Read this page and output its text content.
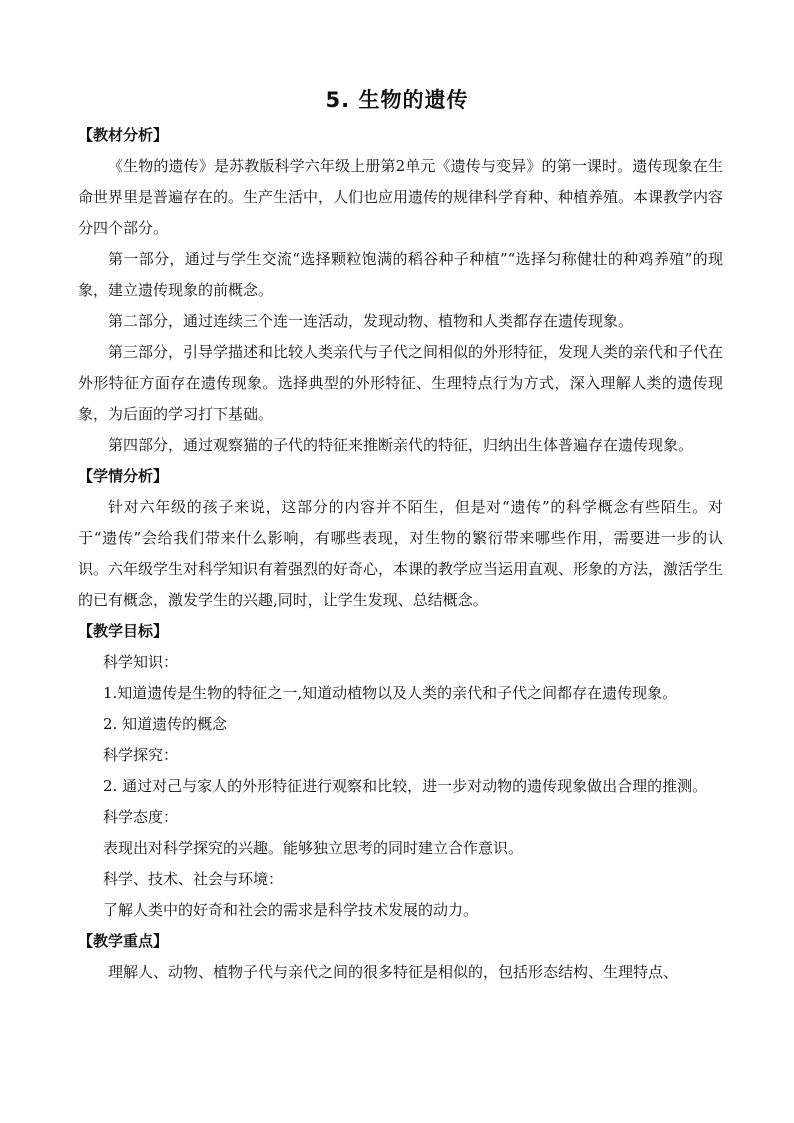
5. 生物的遗传
【教材分析】

《生物的遗传》是苏教版科学六年级上册第2单元《遗传与变异》的第一课时。遗传现象在生命世界里是普遍存在的。生产生活中，人们也应用遗传的规律科学育种、种植养殖。本课教学内容分四个部分。

第一部分，通过与学生交流“选择颗粒饱满的稻谷种子种植”“选择匀称健壮的种鸡养殖”的现象，建立遗传现象的前概念。

第二部分，通过连续三个连一连活动，发现动物、植物和人类都存在遗传现象。

第三部分，引导学描述和比较人类亲代与子代之间相似的外形特征，发现人类的亲代和子代在外形特征方面存在遗传现象。选择典型的外形特征、生理特点行为方式，深入理解人类的遗传现象，为后面的学习打下基础。

第四部分，通过观察猫的子代的特征来推断亲代的特征，归纳出生体普遍存在遗传现象。

【学情分析】

针对六年级的孩子来说，这部分的内容并不陌生，但是对“遗传”的科学概念有些陌生。对于“遗传”会给我们带来什么影响，有哪些表现，对生物的繁衍带来哪些作用，需要进一步的认识。六年级学生对科学知识有着强烈的好奇心，本课的教学应当运用直观、形象的方法，激活学生的已有概念，激发学生的兴趣,同时，让学生发现、总结概念。

【教学目标】
科学知识：
1.知道遗传是生物的特征之一,知道动植物以及人类的亲代和子代之间都存在遗传现象。
2. 知道遗传的概念
科学探究：
2. 通过对己与家人的外形特征进行观察和比较，进一步对动物的遗传现象做出合理的推测。
科学态度：
表现出对科学探究的兴趣。能够独立思考的同时建立合作意识。
科学、技术、社会与环境：
了解人类中的好奇和社会的需求是科学技术发展的动力。
【教学重点】

理解人、动物、植物子代与亲代之间的很多特征是相似的，包括形态结构、生理特点、
